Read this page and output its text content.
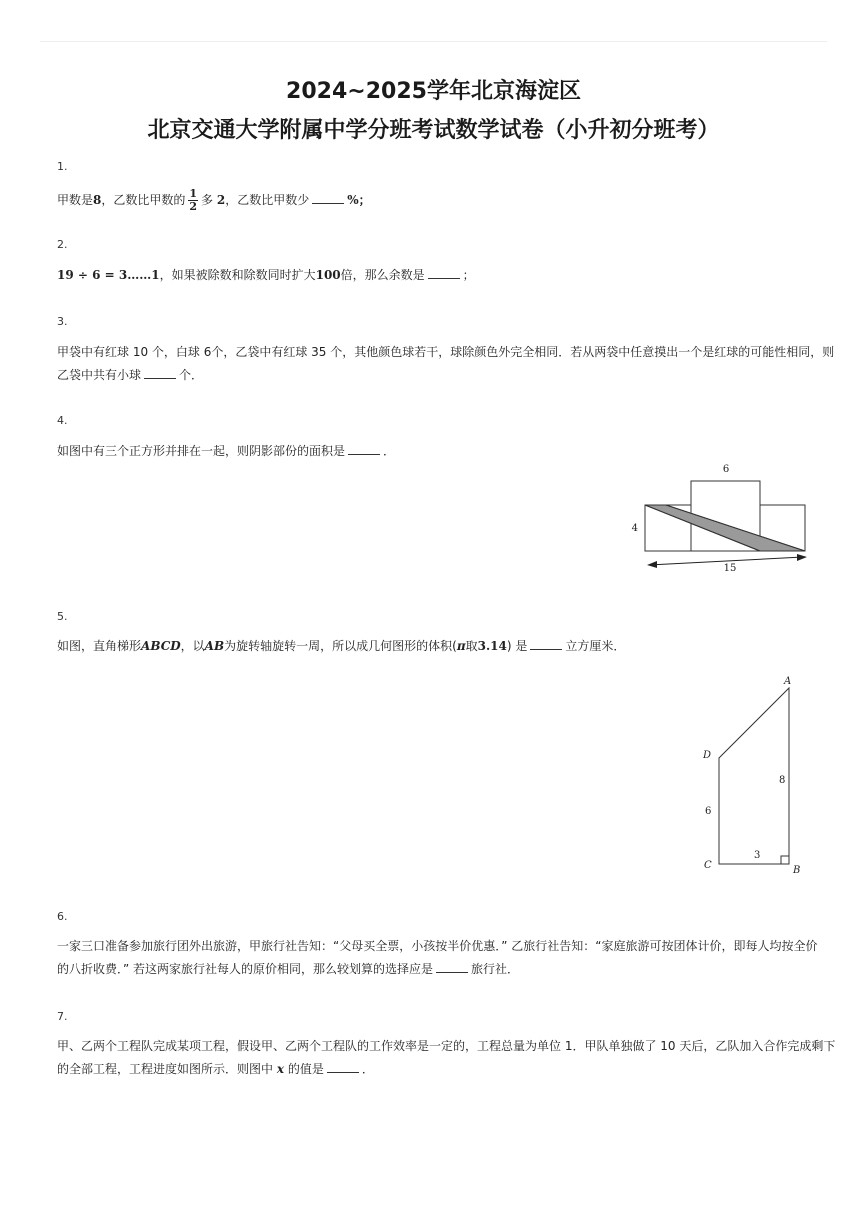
2024~2025学年北京海淀区
北京交通大学附属中学分班考试数学试卷（小升初分班考）
1.
甲数是8，乙数比甲数的 $\frac{1}{2}$ 多 2，乙数比甲数少	%；
2.
19 ÷ 6 = 3……1，如果被除数和除数同时扩大100倍，那么余数是	；
3.
甲袋中有红球 10 个，白球 6个，乙袋中有红球 35 个，其他颜色球若干，球除颜色外完全相同．若从两袋中任意摸出一个是红球的可能性相同，则
乙袋中共有小球	个．
4.
如图中有三个正方形并排在一起，则阴影部份的面积是	．
6
4
15
5.
如图，直角梯形ABCD，以AB为旋转轴旋转一周，所以成几何图形的体积(π取3.14) 是	立方厘米．
A
B
C
D
8
6
3
6.
一家三口准备参加旅行团外出旅游，甲旅行社告知：“父母买全票，小孩按半价优惠．” 乙旅行社告知：“家庭旅游可按团体计价，即每人均按全价
的八折收费．” 若这两家旅行社每人的原价相同，那么较划算的选择应是	旅行社．
7.
甲、乙两个工程队完成某项工程，假设甲、乙两个工程队的工作效率是一定的，工程总量为单位 1．甲队单独做了 10 天后，乙队加入合作完成剩下
的全部工程，工程进度如图所示．则图中 x 的值是	．
